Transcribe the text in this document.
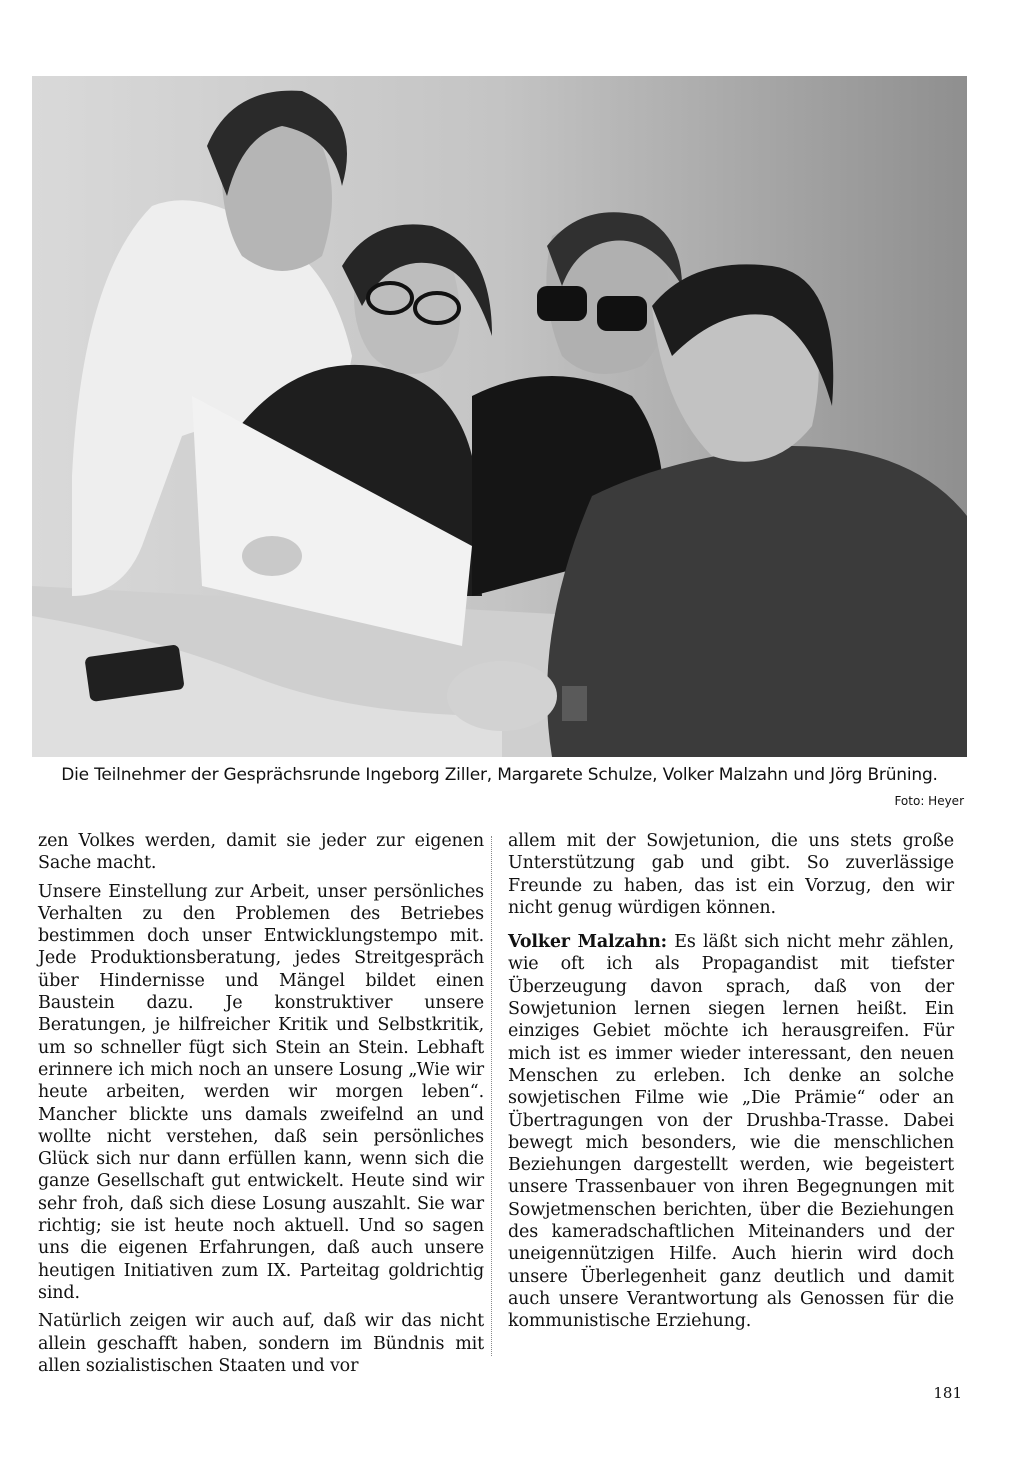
Die Teilnehmer der Gesprächsrunde Ingeborg Ziller, Margarete Schulze, Volker Malzahn und Jörg Brüning.
Foto: Heyer

zen Volkes werden, damit sie jeder zur eigenen Sache macht.

Unsere Einstellung zur Arbeit, unser persönliches Verhalten zu den Problemen des Betriebes bestimmen doch unser Entwicklungstempo mit. Jede Produktionsberatung, jedes Streitgespräch über Hindernisse und Mängel bildet einen Baustein dazu. Je konstruktiver unsere Beratungen, je hilfreicher Kritik und Selbstkritik, um so schneller fügt sich Stein an Stein. Lebhaft erinnere ich mich noch an unsere Losung „Wie wir heute arbeiten, werden wir morgen leben“. Mancher blickte uns damals zweifelnd an und wollte nicht verstehen, daß sein persönliches Glück sich nur dann erfüllen kann, wenn sich die ganze Gesellschaft gut entwickelt. Heute sind wir sehr froh, daß sich diese Losung auszahlt. Sie war richtig; sie ist heute noch aktuell. Und so sagen uns die eigenen Erfahrungen, daß auch unsere heutigen Initiativen zum IX. Parteitag goldrichtig sind.

Natürlich zeigen wir auch auf, daß wir das nicht allein geschafft haben, sondern im Bündnis mit allen sozialistischen Staaten und vor

allem mit der Sowjetunion, die uns stets große Unterstützung gab und gibt. So zuverlässige Freunde zu haben, das ist ein Vorzug, den wir nicht genug würdigen können.

Volker Malzahn: Es läßt sich nicht mehr zählen, wie oft ich als Propagandist mit tiefster Überzeugung davon sprach, daß von der Sowjetunion lernen siegen lernen heißt. Ein einziges Gebiet möchte ich herausgreifen. Für mich ist es immer wieder interessant, den neuen Menschen zu erleben. Ich denke an solche sowjetischen Filme wie „Die Prämie“ oder an Übertragungen von der Drushba-Trasse. Dabei bewegt mich besonders, wie die menschlichen Beziehungen dargestellt werden, wie begeistert unsere Trassenbauer von ihren Begegnungen mit Sowjetmenschen berichten, über die Beziehungen des kameradschaftlichen Miteinanders und der uneigennützigen Hilfe. Auch hierin wird doch unsere Überlegenheit ganz deutlich und damit auch unsere Verantwortung als Genossen für die kommunistische Erziehung.

181
